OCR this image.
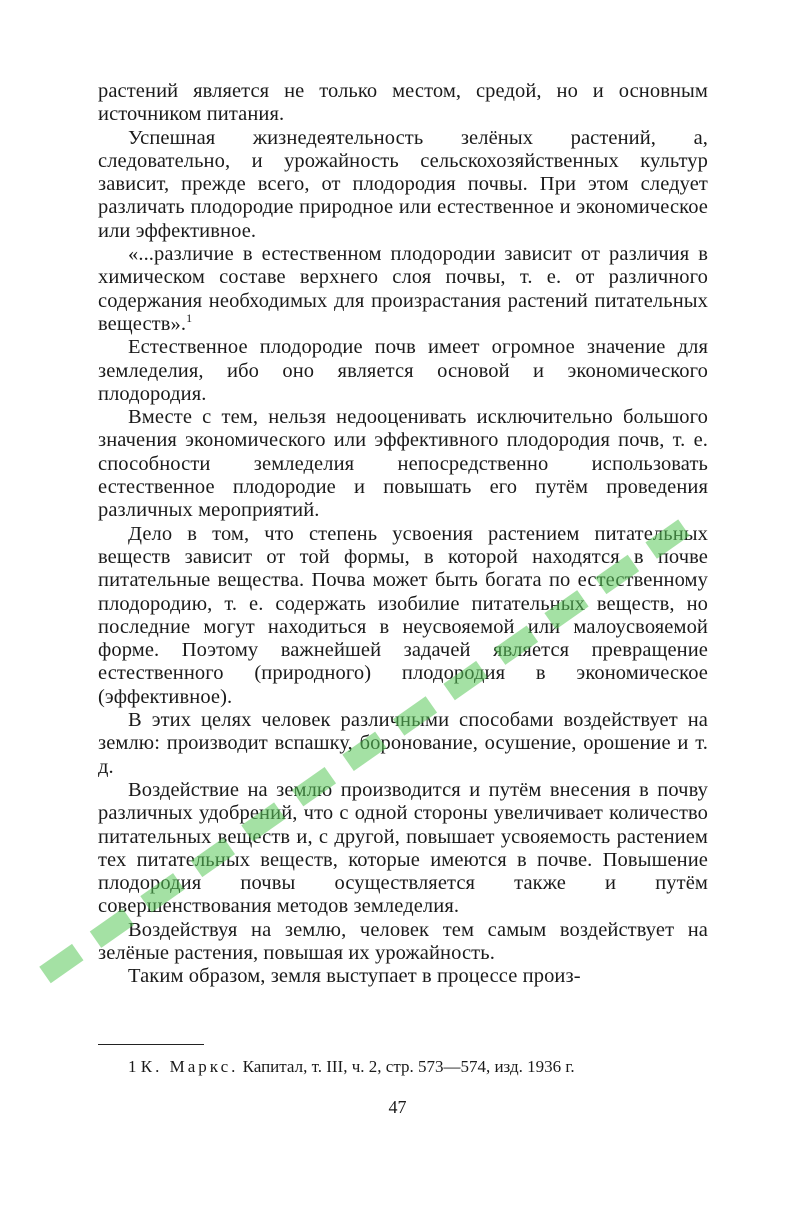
растений является не только местом, средой, но и основным источником питания.

Успешная жизнедеятельность зелёных растений, а, следовательно, и урожайность сельскохозяйственных культур зависит, прежде всего, от плодородия почвы. При этом следует различать плодородие природное или естественное и экономическое или эффективное.

«...различие в естественном плодородии зависит от различия в химическом составе верхнего слоя почвы, т. е. от различного содержания необходимых для произрастания растений питательных веществ».$^1$

Естественное плодородие почв имеет огромное значение для земледелия, ибо оно является основой и экономического плодородия.

Вместе с тем, нельзя недооценивать исключительно большого значения экономического или эффективного плодородия почв, т. е. способности земледелия непосредственно использовать естественное плодородие и повышать его путём проведения различных мероприятий.

Дело в том, что степень усвоения растением питательных веществ зависит от той формы, в которой находятся в почве питательные вещества. Почва может быть богата по естественному плодородию, т. е. содержать изобилие питательных веществ, но последние могут находиться в неусвояемой или малоусвояемой форме. Поэтому важнейшей задачей является превращение естественного (природного) плодородия в экономическое (эффективное).

В этих целях человек различными способами воздействует на землю: производит вспашку, боронование, осушение, орошение и т. д.

Воздействие на землю производится и путём внесения в почву различных удобрений, что с одной стороны увеличивает количество питательных веществ и, с другой, повышает усвояемость растением тех питательных веществ, которые имеются в почве. Повышение плодородия почвы осуществляется также и путём совершенствования методов земледелия.

Воздействуя на землю, человек тем самым воздействует на зелёные растения, повышая их урожайность.

Таким образом, земля выступает в процессе произ-

1 К. Маркс. Капитал, т. III, ч. 2, стр. 573—574, изд. 1936 г.
47
